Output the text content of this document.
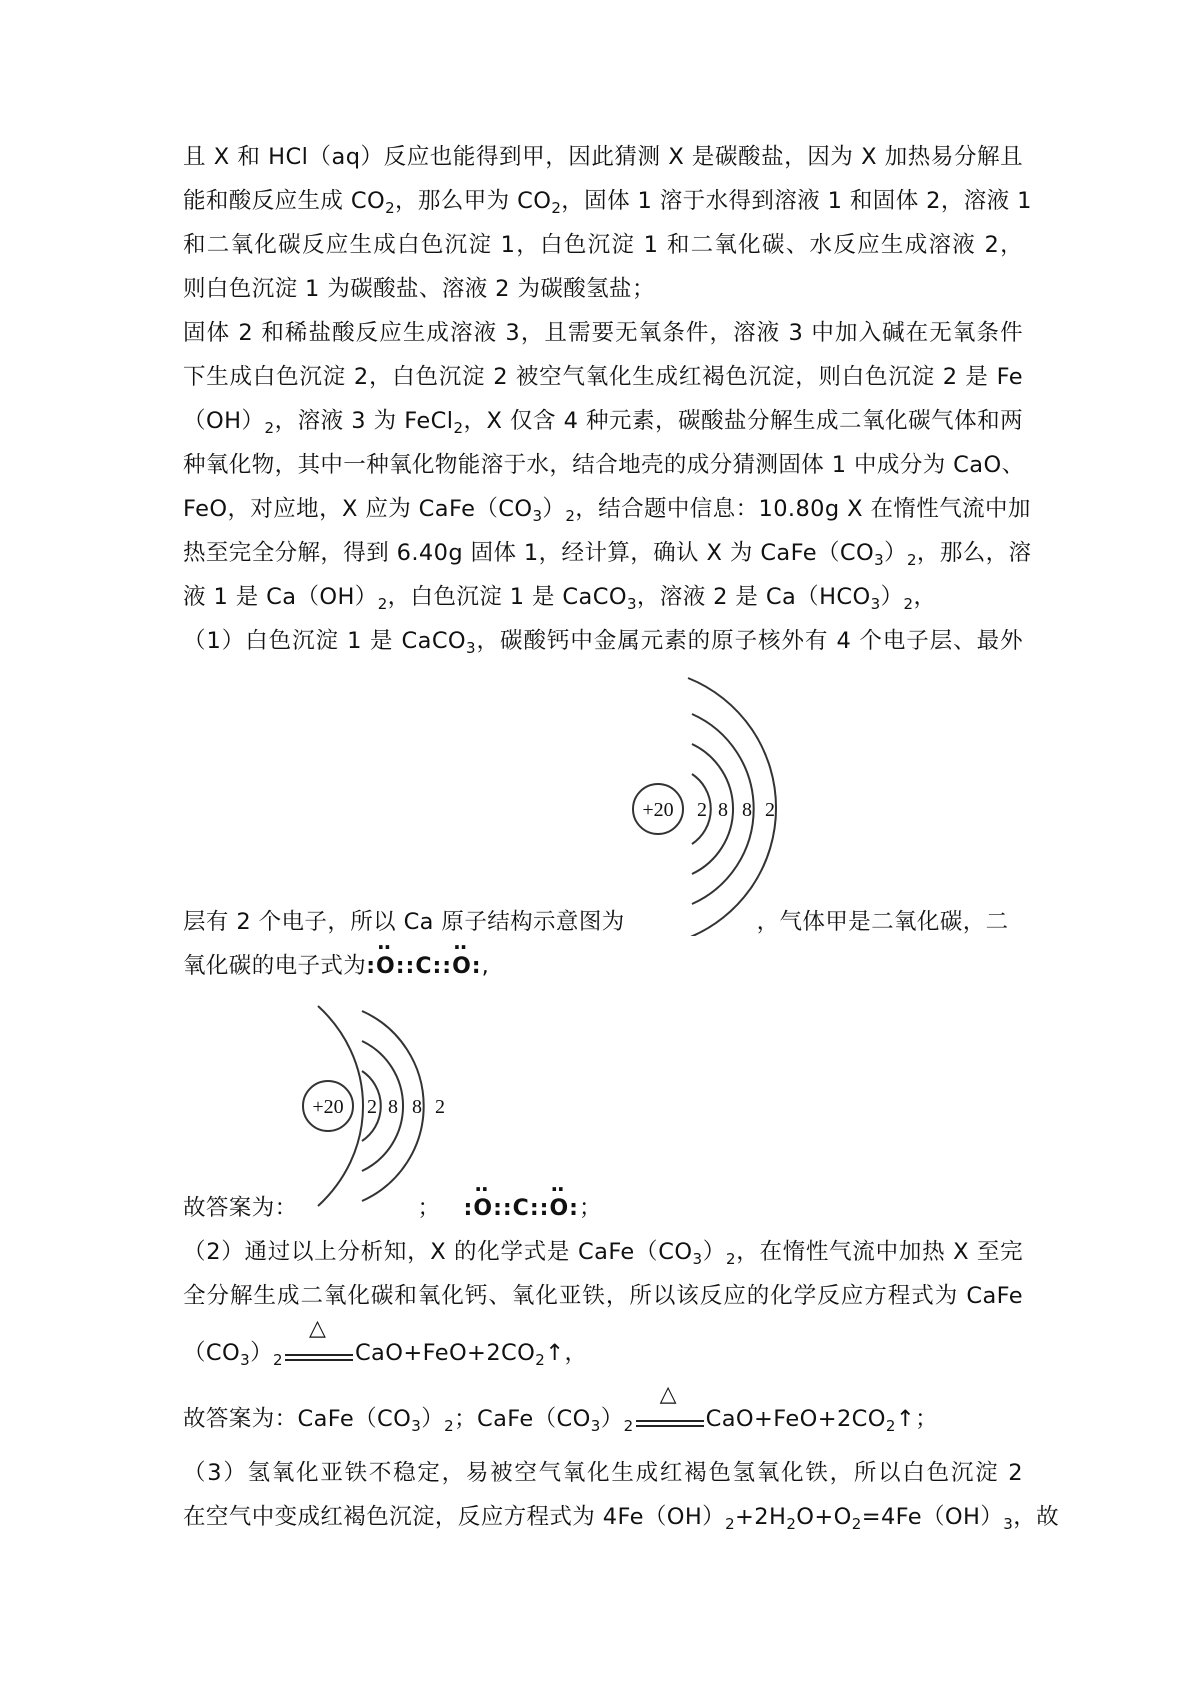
且 X 和 HCl（aq）反应也能得到甲，因此猜测 X 是碳酸盐，因为 X 加热易分解且
能和酸反应生成 $CO_2$，那么甲为 $CO_2$，固体 1 溶于水得到溶液 1 和固体 2，溶液 1
和二氧化碳反应生成白色沉淀 1，白色沉淀 1 和二氧化碳、水反应生成溶液 2，
则白色沉淀 1 为碳酸盐、溶液 2 为碳酸氢盐；
固体 2 和稀盐酸反应生成溶液 3，且需要无氧条件，溶液 3 中加入碱在无氧条件
下生成白色沉淀 2，白色沉淀 2 被空气氧化生成红褐色沉淀，则白色沉淀 2 是 Fe
$(OH)_2$，溶液 3 为 FeCl$_2$，X 仅含 4 种元素，碳酸盐分解生成二氧化碳气体和两
种氧化物，其中一种氧化物能溶于水，结合地壳的成分猜测固体 1 中成分为 CaO、
FeO，对应地，X 应为 $CaFe(CO_3)_2$，结合题中信息：10.80g X 在惰性气流中加
热至完全分解，得到 6.40g 固体 1，经计算，确认 X 为 $CaFe(CO_3)_2$，那么，溶
液 1 是 $Ca(OH)_2$，白色沉淀 1 是 CaCO$_3$，溶液 2 是 $Ca(HCO_3)_2$，
（1）白色沉淀 1 是 CaCO$_3$，碳酸钙中金属元素的原子核外有 4 个电子层、最外
+20 2 8 8 2
层有 2 个电子，所以 Ca 原子结构示意图为	，气体甲是二氧化碳，二
氧化碳的电子式为:·· O::C::·· O:,
+20 2 8 8 2
故答案为：	； :·· O::C::·· O:；
（2）通过以上分析知，X 的化学式是 $CaFe(CO_3)_2$，在惰性气流中加热 X 至完
全分解生成二氧化碳和氧化钙、氧化亚铁，所以该反应的化学反应方程式为 CaFe
$(CO_3)_2$
△
$CaO+FeO+2CO_2↑$，
故答案为：$CaFe(CO_3)_2$；$CaFe(CO_3)_2$
△
$CaO+FeO+2CO_2↑$；
（3）氢氧化亚铁不稳定，易被空气氧化生成红褐色氢氧化铁，所以白色沉淀 2
在空气中变成红褐色沉淀，反应方程式为 $4Fe(OH)_2+2H_2O+O_2=4Fe(OH)_3$，故
